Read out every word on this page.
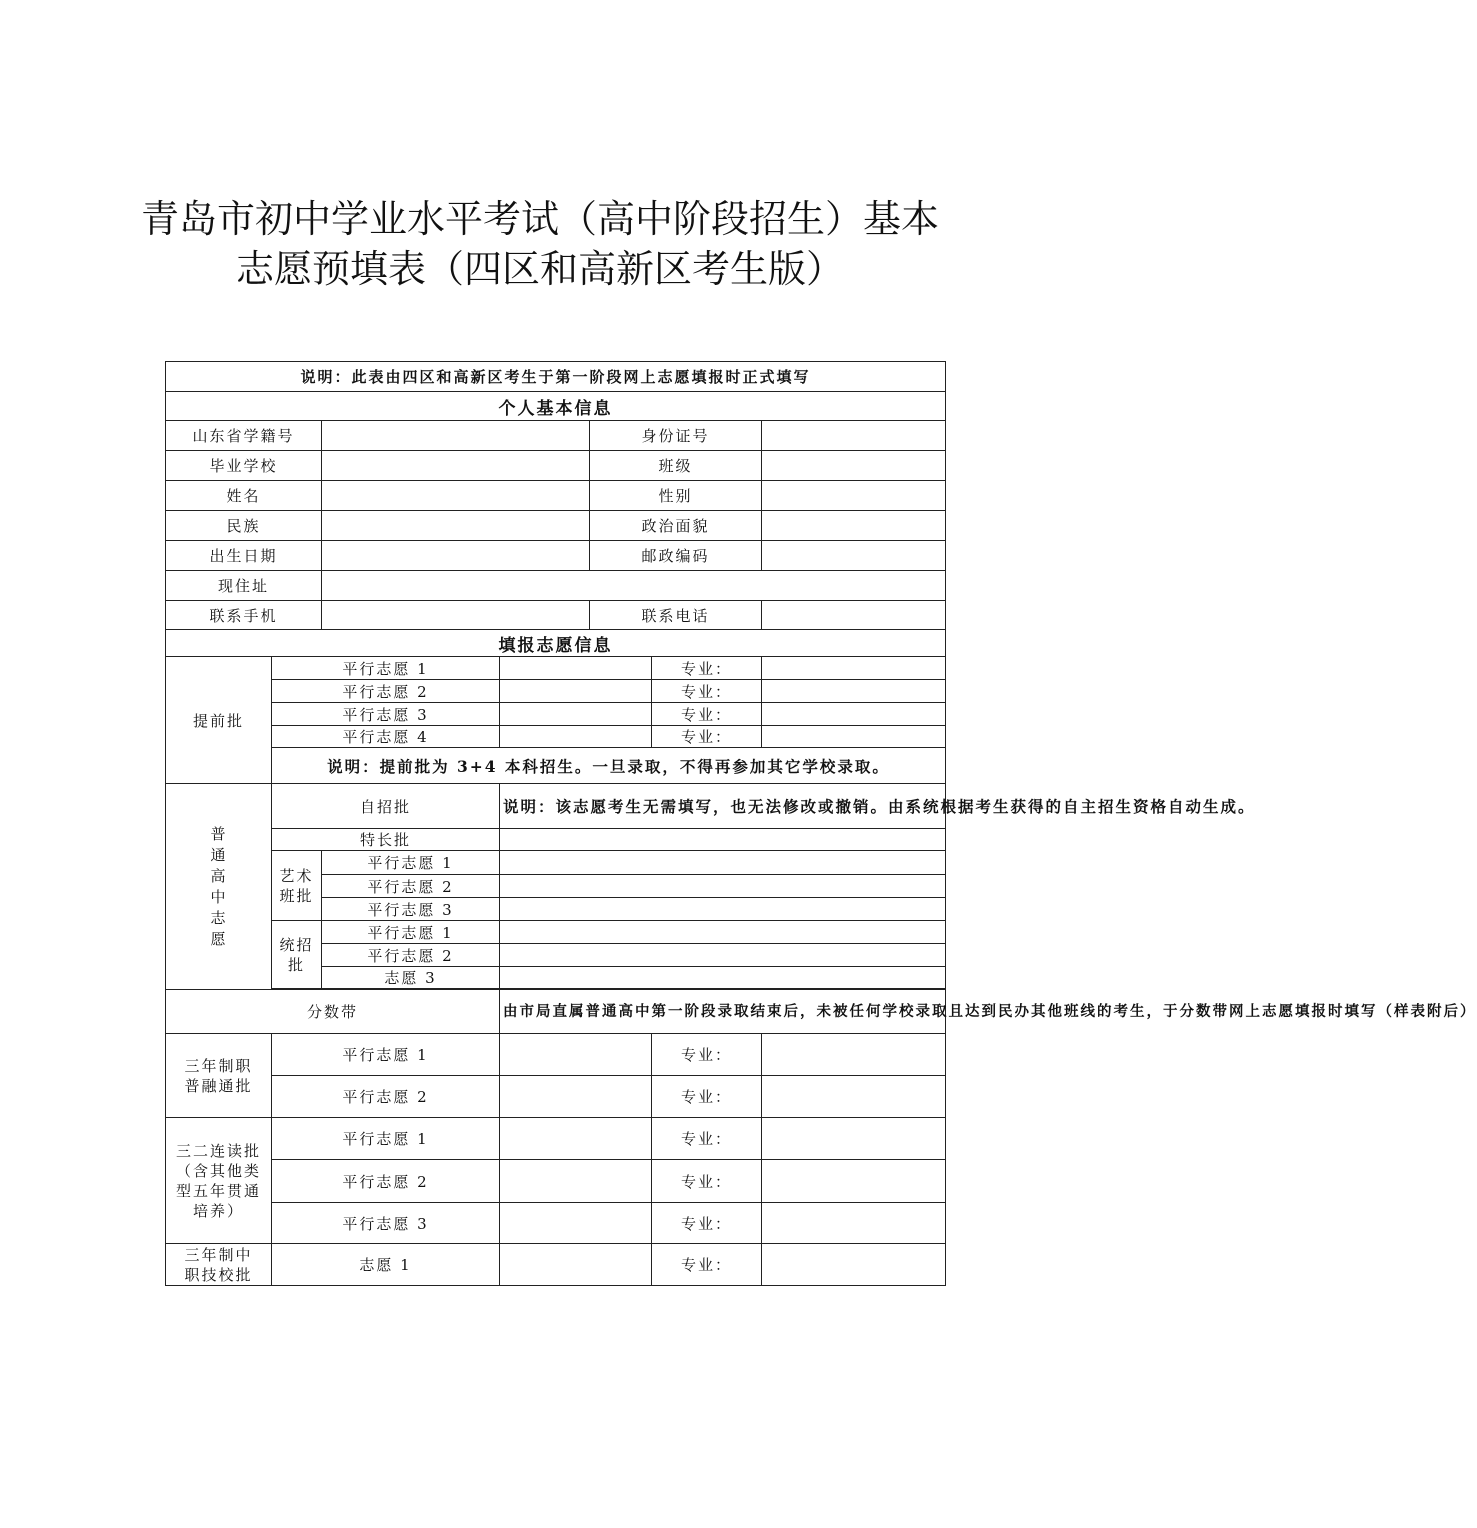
青岛市初中学业水平考试（高中阶段招生）基本
志愿预填表（四区和高新区考生版）
说明：此表由四区和高新区考生于第一阶段网上志愿填报时正式填写						
个人基本信息						
山东省学籍号				身份证号		
毕业学校				班级		
姓名				性别		
民族				政治面貌		
出生日期				邮政编码		
现住址						
联系手机				联系电话		
填报志愿信息						
提前批	平行志愿 1				专业：	
	平行志愿 2				专业：	
	平行志愿 3				专业：	
	平行志愿 4				专业：	
	说明：提前批为 3+4 本科招生。一旦录取，不得再参加其它学校录取。					
普通高中志愿	自招批		说明：该志愿考生无需填写，也无法修改或撤销。由系统根据考生获得的自主招生资格自动生成。			
	特长批					
	艺术班批	平行志愿 1				
		平行志愿 2				
		平行志愿 3				
	统招批	平行志愿 1				
		平行志愿 2				
		志愿 3				

分数带			由市局直属普通高中第一阶段录取结束后，未被任何学校录取且达到民办其他班线的考生，于分数带网上志愿填报时填写（样表附后）			
三年制职普融通批	平行志愿 1				专业：	
	平行志愿 2				专业：	
三二连读批（含其他类型五年贯通培养）	平行志愿 1				专业：	
	平行志愿 2				专业：	
	平行志愿 3				专业：	
三年制中职技校批	志愿 1				专业：	
